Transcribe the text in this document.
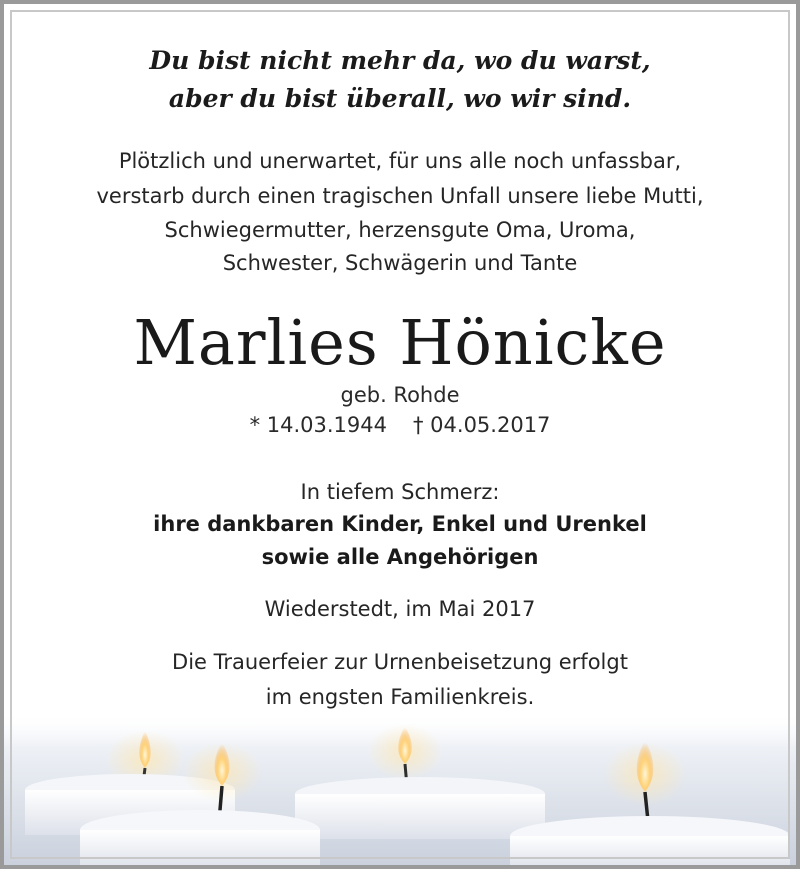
Du bist nicht mehr da, wo du warst,

aber du bist überall, wo wir sind.

Plötzlich und unerwartet, für uns alle noch unfassbar,

verstarb durch einen tragischen Unfall unsere liebe Mutti,

Schwiegermutter, herzensgute Oma, Uroma,

Schwester, Schwägerin und Tante

Marlies Hönicke

geb. Rohde

* 14.03.1944 † 04.05.2017

In tiefem Schmerz:

ihre dankbaren Kinder, Enkel und Urenkel

sowie alle Angehörigen

Wiederstedt, im Mai 2017

Die Trauerfeier zur Urnenbeisetzung erfolgt

im engsten Familienkreis.
